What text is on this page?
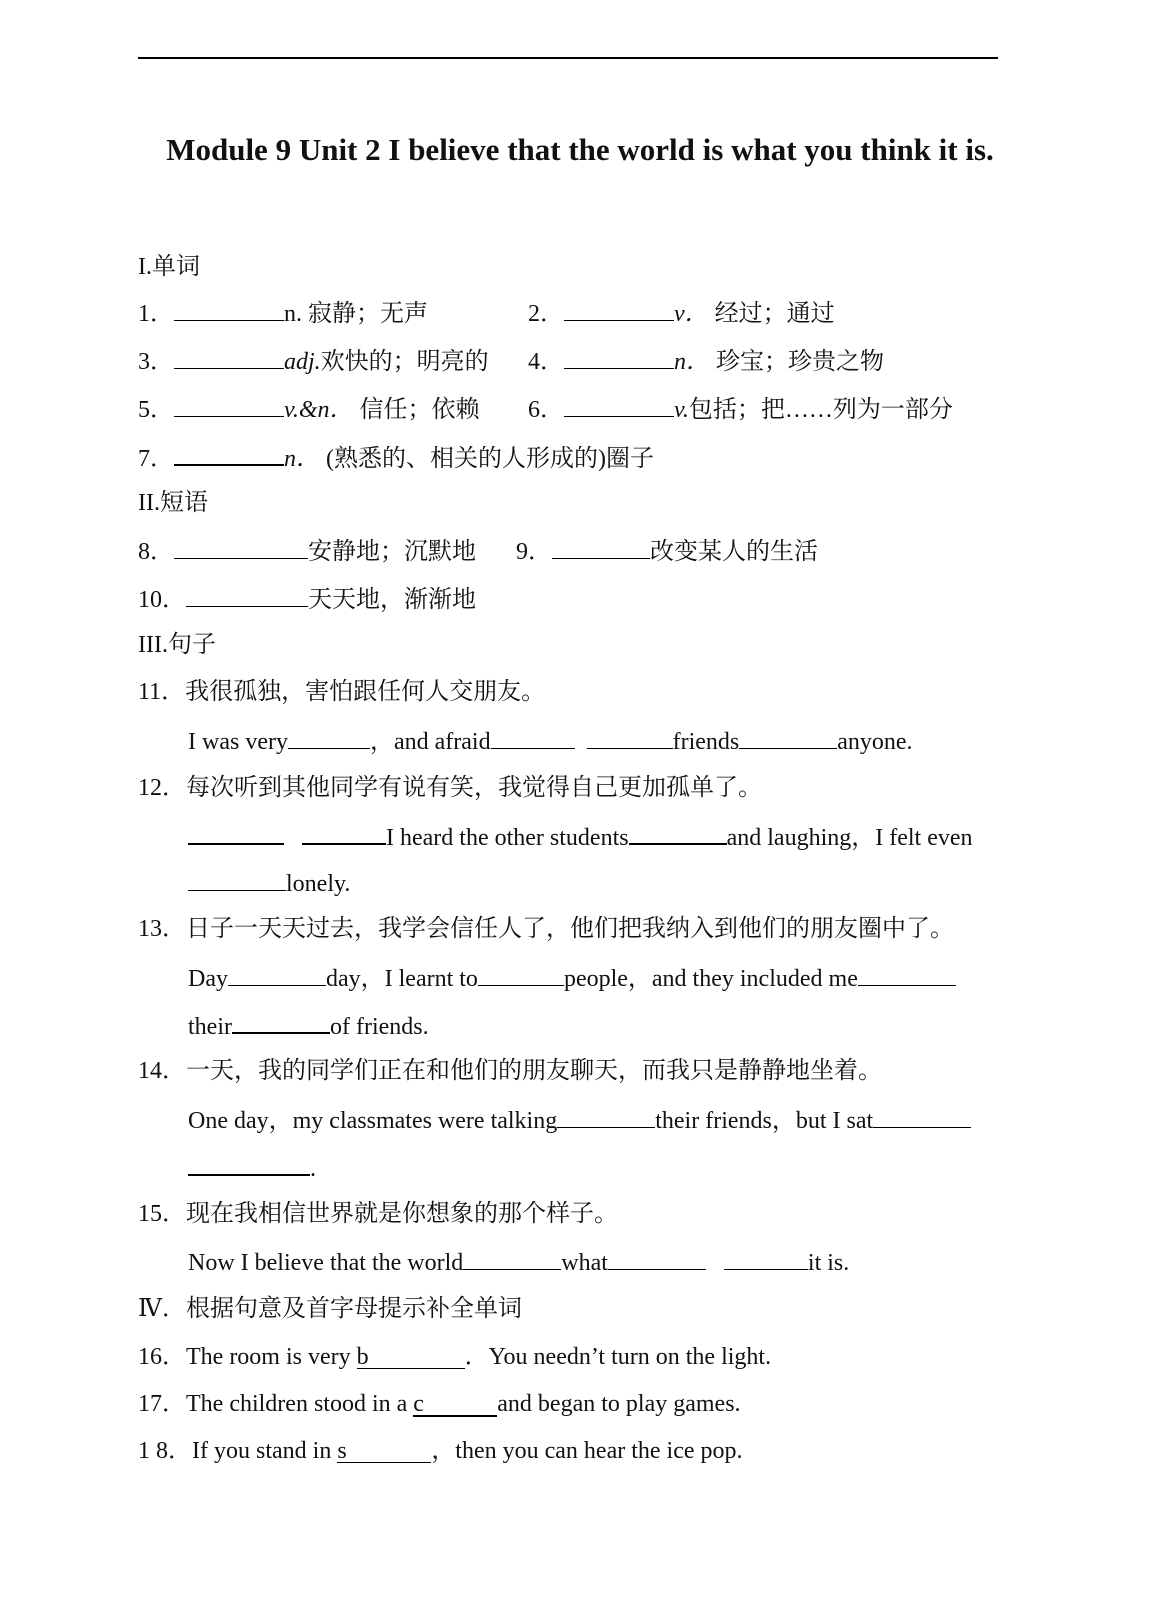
Module 9 Unit 2 I believe that the world is what you think it is.
I.单词
1．	n. 寂静；无声	2．	v． 经过；通过
3．	adj.欢快的；明亮的 4．	n． 珍宝；珍贵之物
5．	v.&n． 信任；依赖 6．	v.包括；把……列为一部分
7．	n． (熟悉的、相关的人形成的)圈子
II.短语
8．	安静地；沉默地 9．	改变某人的生活
10．	天天地，渐渐地
III.句子
11．我很孤独，害怕跟任何人交朋友。
I was very	，and afraid	friends	anyone.
12．每次听到其他同学有说有笑，我觉得自己更加孤单了。
I heard the other students	and laughing，I felt even
lonely.
13．日子一天天过去，我学会信任人了，他们把我纳入到他们的朋友圈中了。
Day	day，I learnt to	people，and they included me
their	of friends.
14．一天，我的同学们正在和他们的朋友聊天，而我只是静静地坐着。
One day，my classmates were talking	their friends，but I sat
.
15．现在我相信世界就是你想象的那个样子。
Now I believe that the world	what	it is.
Ⅳ．根据句意及首字母提示补全单词
16．The room is very b	．You needn’t turn on the light.
17．The children stood in a c	and began to play games.
1 8．If you stand in s	，then you can hear the ice pop.
